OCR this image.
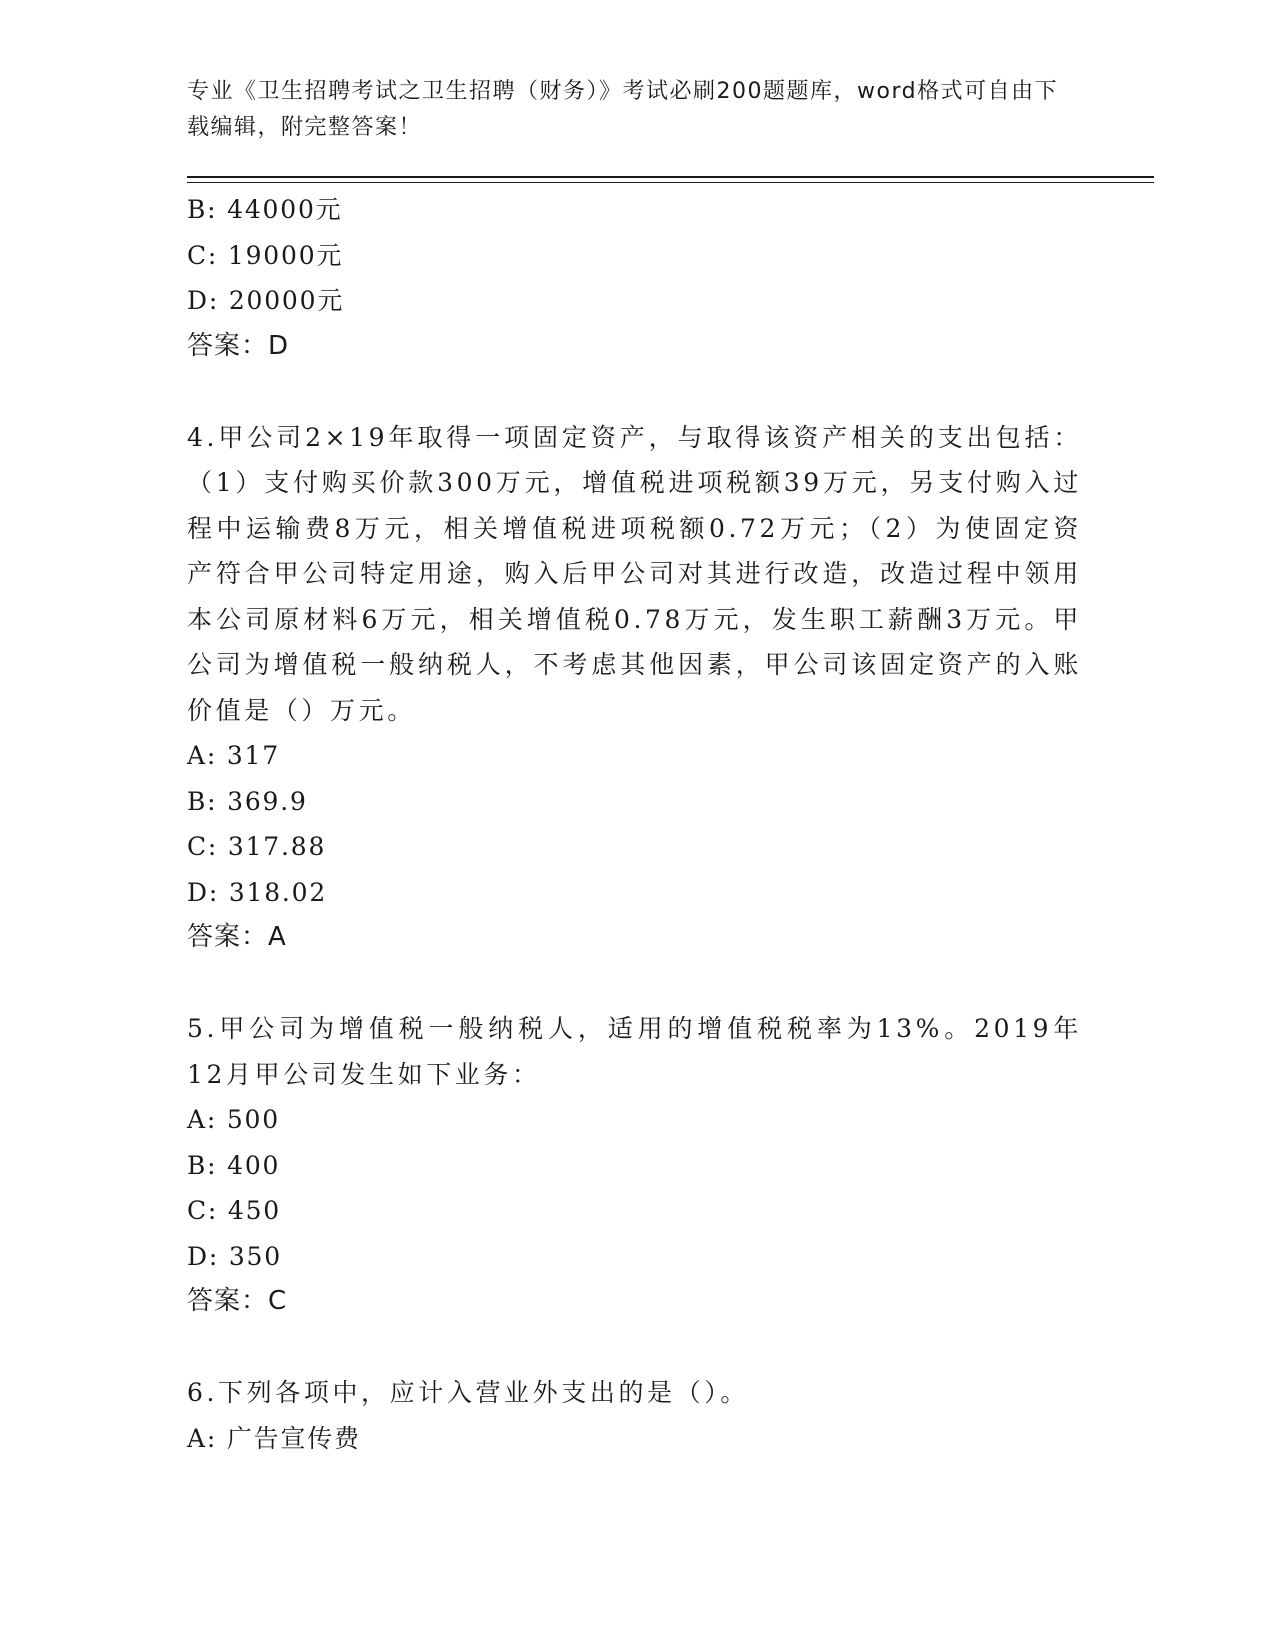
专业《卫生招聘考试之卫生招聘（财务）》考试必刷200题题库，word格式可自由下载编辑，附完整答案！
B: 44000元
C: 19000元
D: 20000元
答案：D
4.甲公司2×19年取得一项固定资产，与取得该资产相关的支出包括：（1）支付购买价款300万元，增值税进项税额39万元，另支付购入过程中运输费8万元，相关增值税进项税额0.72万元；（2）为使固定资产符合甲公司特定用途，购入后甲公司对其进行改造，改造过程中领用本公司原材料6万元，相关增值税0.78万元，发生职工薪酬3万元。甲公司为增值税一般纳税人，不考虑其他因素，甲公司该固定资产的入账价值是（）万元。
A: 317
B: 369.9
C: 317.88
D: 318.02
答案：A
5.甲公司为增值税一般纳税人，适用的增值税税率为13%。2019年12月甲公司发生如下业务：
A: 500
B: 400
C: 450
D: 350
答案：C
6.下列各项中，应计入营业外支出的是（）。
A: 广告宣传费
